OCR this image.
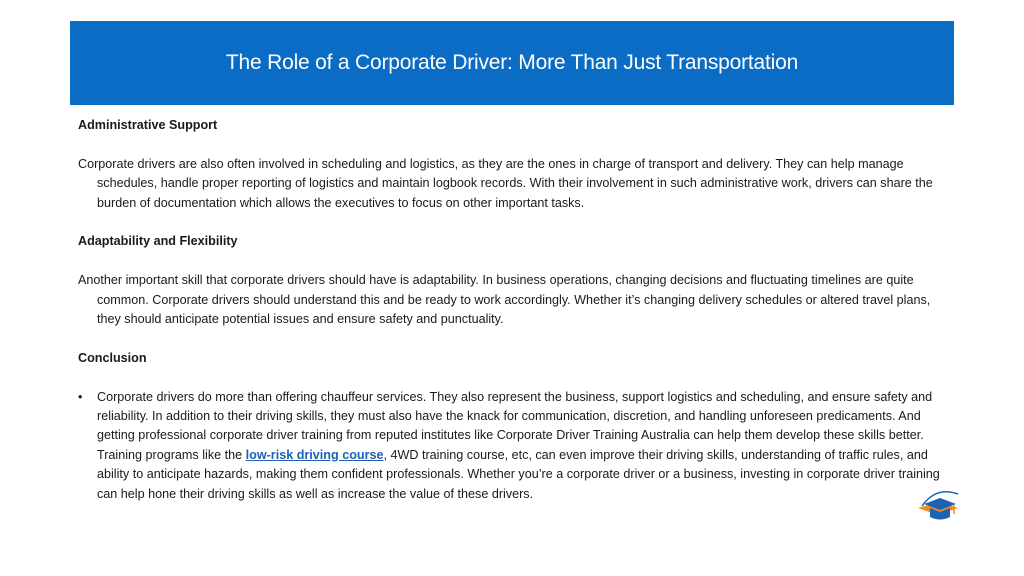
The Role of a Corporate Driver: More Than Just Transportation

Administrative Support

Corporate drivers are also often involved in scheduling and logistics, as they are the ones in charge of transport and delivery. They can help manage schedules, handle proper reporting of logistics and maintain logbook records. With their involvement in such administrative work, drivers can share the burden of documentation which allows the executives to focus on other important tasks.

Adaptability and Flexibility

Another important skill that corporate drivers should have is adaptability. In business operations, changing decisions and fluctuating timelines are quite common. Corporate drivers should understand this and be ready to work accordingly. Whether it’s changing delivery schedules or altered travel plans, they should anticipate potential issues and ensure safety and punctuality.

Conclusion

•	Corporate drivers do more than offering chauffeur services. They also represent the business, support logistics and scheduling, and ensure safety and reliability. In addition to their driving skills, they must also have the knack for communication, discretion, and handling unforeseen predicaments. And getting professional corporate driver training from reputed institutes like Corporate Driver Training Australia can help them develop these skills better. Training programs like the low-risk driving course, 4WD training course, etc, can even improve their driving skills, understanding of traffic rules, and ability to anticipate hazards, making them confident professionals. Whether you’re a corporate driver or a business, investing in corporate driver training can help hone their driving skills as well as increase the value of these drivers.
